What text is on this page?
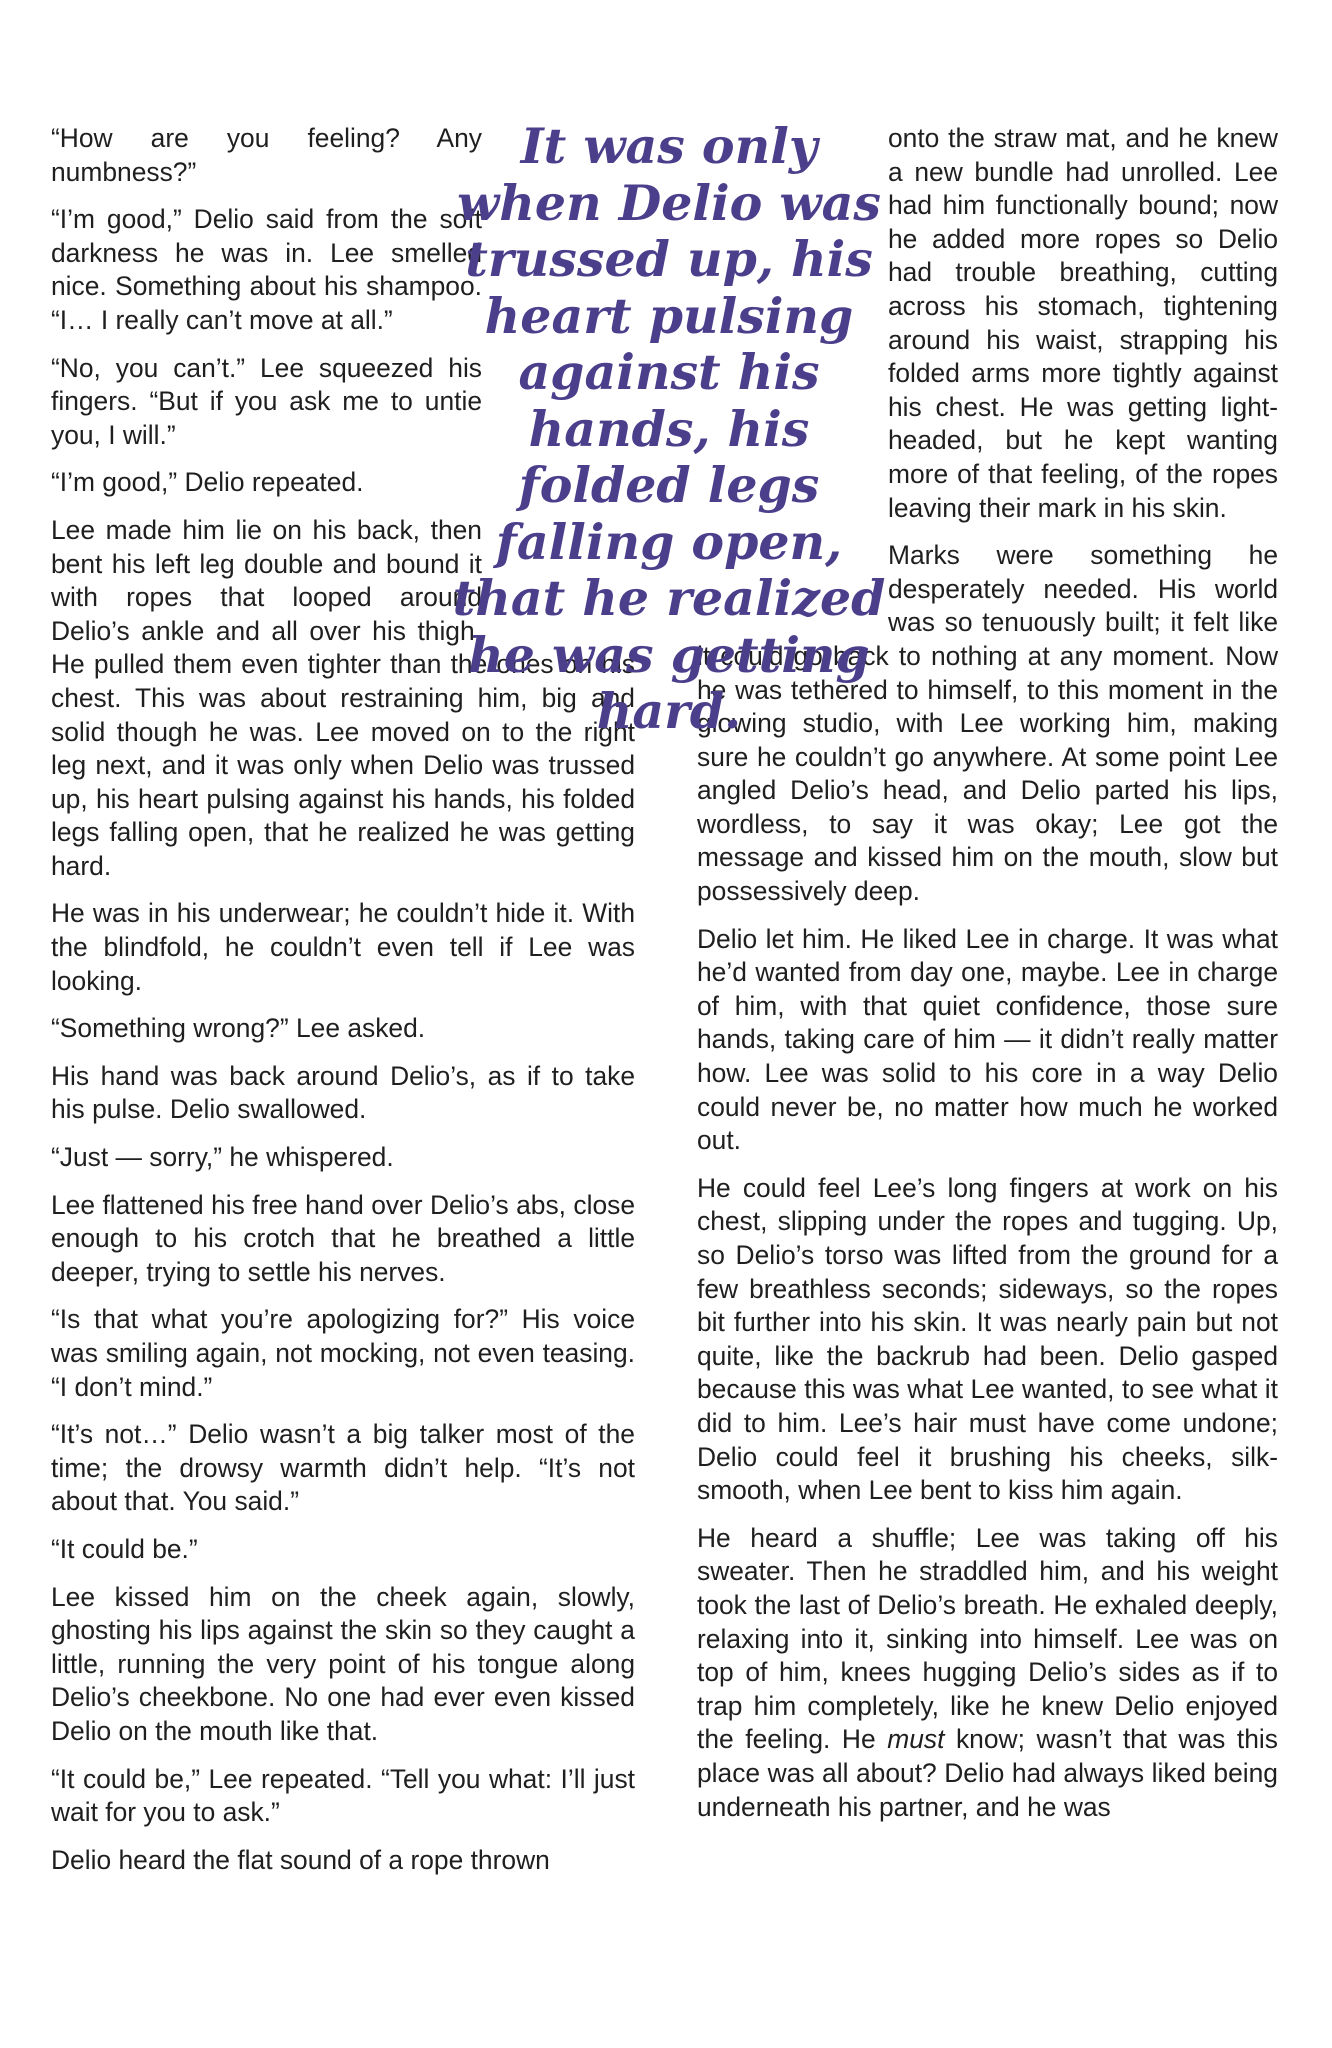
“How are you feeling? Any numbness?”

“I’m good,” Delio said from the soft darkness he was in. Lee smelled nice. Something about his shampoo. “I… I really can’t move at all.”

“No, you can’t.” Lee squeezed his fingers. “But if you ask me to untie you, I will.”

“I’m good,” Delio repeated.

Lee made him lie on his back, then bent his left leg double and bound it with ropes that looped around Delio’s ankle and all over his thigh. He pulled them even tighter than the ones on his chest. This was about restraining him, big and solid though he was. Lee moved on to the right leg next, and it was only when Delio was trussed up, his heart pulsing against his hands, his folded legs falling open, that he realized he was getting hard.

He was in his underwear; he couldn’t hide it. With the blindfold, he couldn’t even tell if Lee was looking.

“Something wrong?” Lee asked.

His hand was back around Delio’s, as if to take his pulse. Delio swallowed.

“Just — sorry,” he whispered.

Lee flattened his free hand over Delio’s abs, close enough to his crotch that he breathed a little deeper, trying to settle his nerves.

“Is that what you’re apologizing for?” His voice was smiling again, not mocking, not even teasing. “I don’t mind.”

“It’s not…” Delio wasn’t a big talker most of the time; the drowsy warmth didn’t help. “It’s not about that. You said.”

“It could be.”

Lee kissed him on the cheek again, slowly, ghosting his lips against the skin so they caught a little, running the very point of his tongue along Delio’s cheekbone. No one had ever even kissed Delio on the mouth like that.

“It could be,” Lee repeated. “Tell you what: I’ll just wait for you to ask.”

Delio heard the flat sound of a rope thrown

onto the straw mat, and he knew a new bundle had unrolled. Lee had him functionally bound; now he added more ropes so Delio had trouble breathing, cutting across his stomach, tightening around his waist, strapping his folded arms more tightly against his chest. He was getting lightheaded, but he kept wanting more of that feeling, of the ropes leaving their mark in his skin.

Marks were something he desperately needed. His world was so tenuously built; it felt like it could go back to nothing at any moment. Now he was tethered to himself, to this moment in the glowing studio, with Lee working him, making sure he couldn’t go anywhere. At some point Lee angled Delio’s head, and Delio parted his lips, wordless, to say it was okay; Lee got the message and kissed him on the mouth, slow but possessively deep.

Delio let him. He liked Lee in charge. It was what he’d wanted from day one, maybe. Lee in charge of him, with that quiet confidence, those sure hands, taking care of him — it didn’t really matter how. Lee was solid to his core in a way Delio could never be, no matter how much he worked out.

He could feel Lee’s long fingers at work on his chest, slipping under the ropes and tugging. Up, so Delio’s torso was lifted from the ground for a few breathless seconds; sideways, so the ropes bit further into his skin. It was nearly pain but not quite, like the backrub had been. Delio gasped because this was what Lee wanted, to see what it did to him. Lee’s hair must have come undone; Delio could feel it brushing his cheeks, silk-smooth, when Lee bent to kiss him again.

He heard a shuffle; Lee was taking off his sweater. Then he straddled him, and his weight took the last of Delio’s breath. He exhaled deeply, relaxing into it, sinking into himself. Lee was on top of him, knees hugging Delio’s sides as if to trap him completely, like he knew Delio enjoyed the feeling. He must know; wasn’t that was this place was all about? Delio had always liked being underneath his partner, and he was

It was only when Delio was trussed up, his heart pulsing against his hands, his folded legs falling open, that he realized he was getting hard.
